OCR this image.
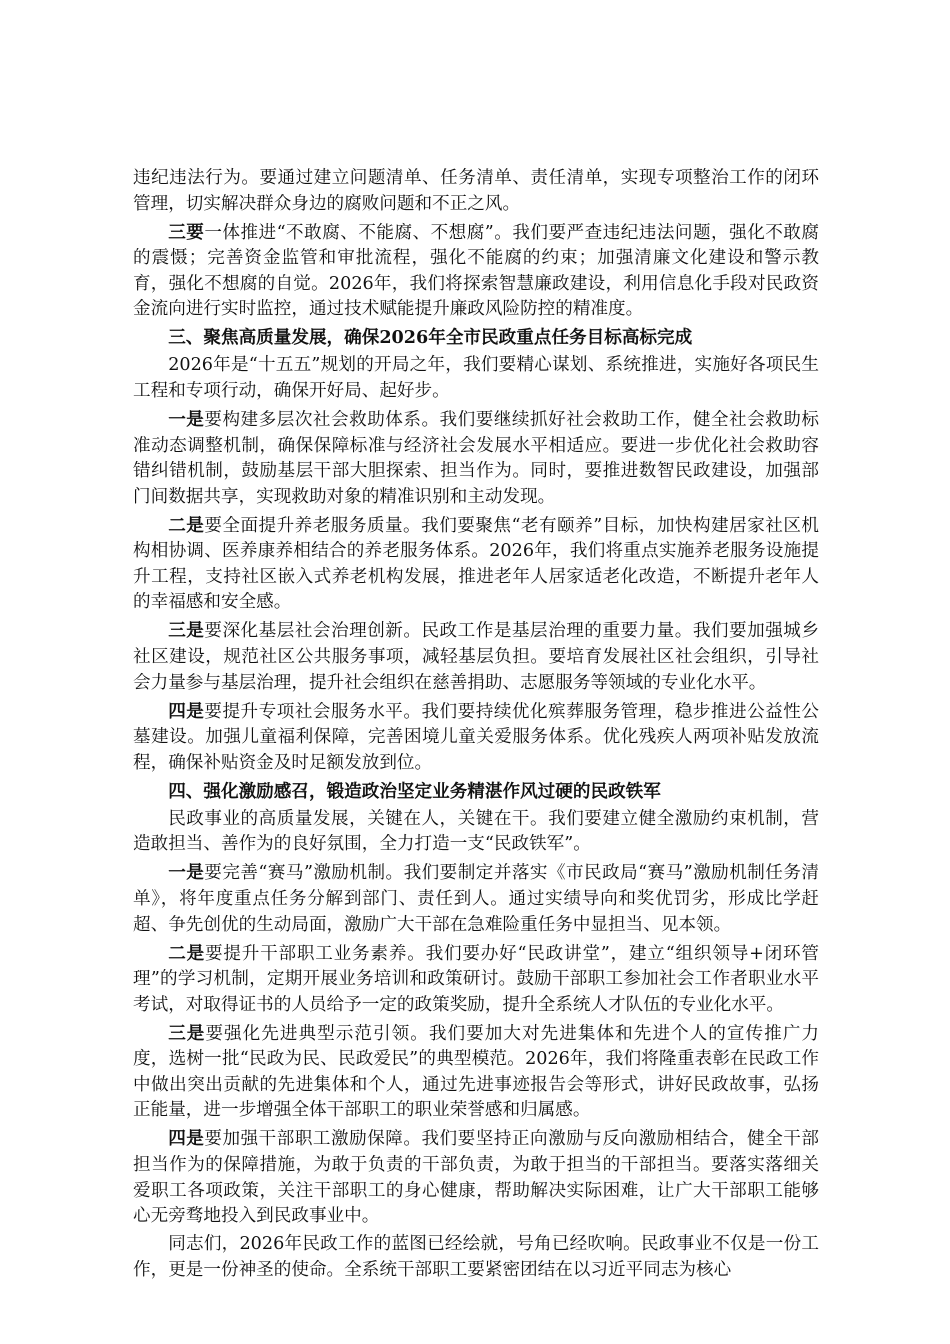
违纪违法行为。要通过建立问题清单、任务清单、责任清单，实现专项整治工作的闭环管理，切实解决群众身边的腐败问题和不正之风。

三要一体推进“不敢腐、不能腐、不想腐”。我们要严查违纪违法问题，强化不敢腐的震慑；完善资金监管和审批流程，强化不能腐的约束；加强清廉文化建设和警示教育，强化不想腐的自觉。2026年，我们将探索智慧廉政建设，利用信息化手段对民政资金流向进行实时监控，通过技术赋能提升廉政风险防控的精准度。

三、聚焦高质量发展，确保2026年全市民政重点任务目标高标完成

2026年是“十五五”规划的开局之年，我们要精心谋划、系统推进，实施好各项民生工程和专项行动，确保开好局、起好步。

一是要构建多层次社会救助体系。我们要继续抓好社会救助工作，健全社会救助标准动态调整机制，确保保障标准与经济社会发展水平相适应。要进一步优化社会救助容错纠错机制，鼓励基层干部大胆探索、担当作为。同时，要推进数智民政建设，加强部门间数据共享，实现救助对象的精准识别和主动发现。

二是要全面提升养老服务质量。我们要聚焦“老有颐养”目标，加快构建居家社区机构相协调、医养康养相结合的养老服务体系。2026年，我们将重点实施养老服务设施提升工程，支持社区嵌入式养老机构发展，推进老年人居家适老化改造，不断提升老年人的幸福感和安全感。

三是要深化基层社会治理创新。民政工作是基层治理的重要力量。我们要加强城乡社区建设，规范社区公共服务事项，减轻基层负担。要培育发展社区社会组织，引导社会力量参与基层治理，提升社会组织在慈善捐助、志愿服务等领域的专业化水平。

四是要提升专项社会服务水平。我们要持续优化殡葬服务管理，稳步推进公益性公墓建设。加强儿童福利保障，完善困境儿童关爱服务体系。优化残疾人两项补贴发放流程，确保补贴资金及时足额发放到位。

四、强化激励感召，锻造政治坚定业务精湛作风过硬的民政铁军

民政事业的高质量发展，关键在人，关键在干。我们要建立健全激励约束机制，营造敢担当、善作为的良好氛围，全力打造一支“民政铁军”。

一是要完善“赛马”激励机制。我们要制定并落实《市民政局“赛马”激励机制任务清单》，将年度重点任务分解到部门、责任到人。通过实绩导向和奖优罚劣，形成比学赶超、争先创优的生动局面，激励广大干部在急难险重任务中显担当、见本领。

二是要提升干部职工业务素养。我们要办好“民政讲堂”，建立“组织领导+闭环管理”的学习机制，定期开展业务培训和政策研讨。鼓励干部职工参加社会工作者职业水平考试，对取得证书的人员给予一定的政策奖励，提升全系统人才队伍的专业化水平。

三是要强化先进典型示范引领。我们要加大对先进集体和先进个人的宣传推广力度，选树一批“民政为民、民政爱民”的典型模范。2026年，我们将隆重表彰在民政工作中做出突出贡献的先进集体和个人，通过先进事迹报告会等形式，讲好民政故事，弘扬正能量，进一步增强全体干部职工的职业荣誉感和归属感。

四是要加强干部职工激励保障。我们要坚持正向激励与反向激励相结合，健全干部担当作为的保障措施，为敢于负责的干部负责，为敢于担当的干部担当。要落实落细关爱职工各项政策，关注干部职工的身心健康，帮助解决实际困难，让广大干部职工能够心无旁骛地投入到民政事业中。

同志们，2026年民政工作的蓝图已经绘就，号角已经吹响。民政事业不仅是一份工作，更是一份神圣的使命。全系统干部职工要紧密团结在以习近平同志为核心
